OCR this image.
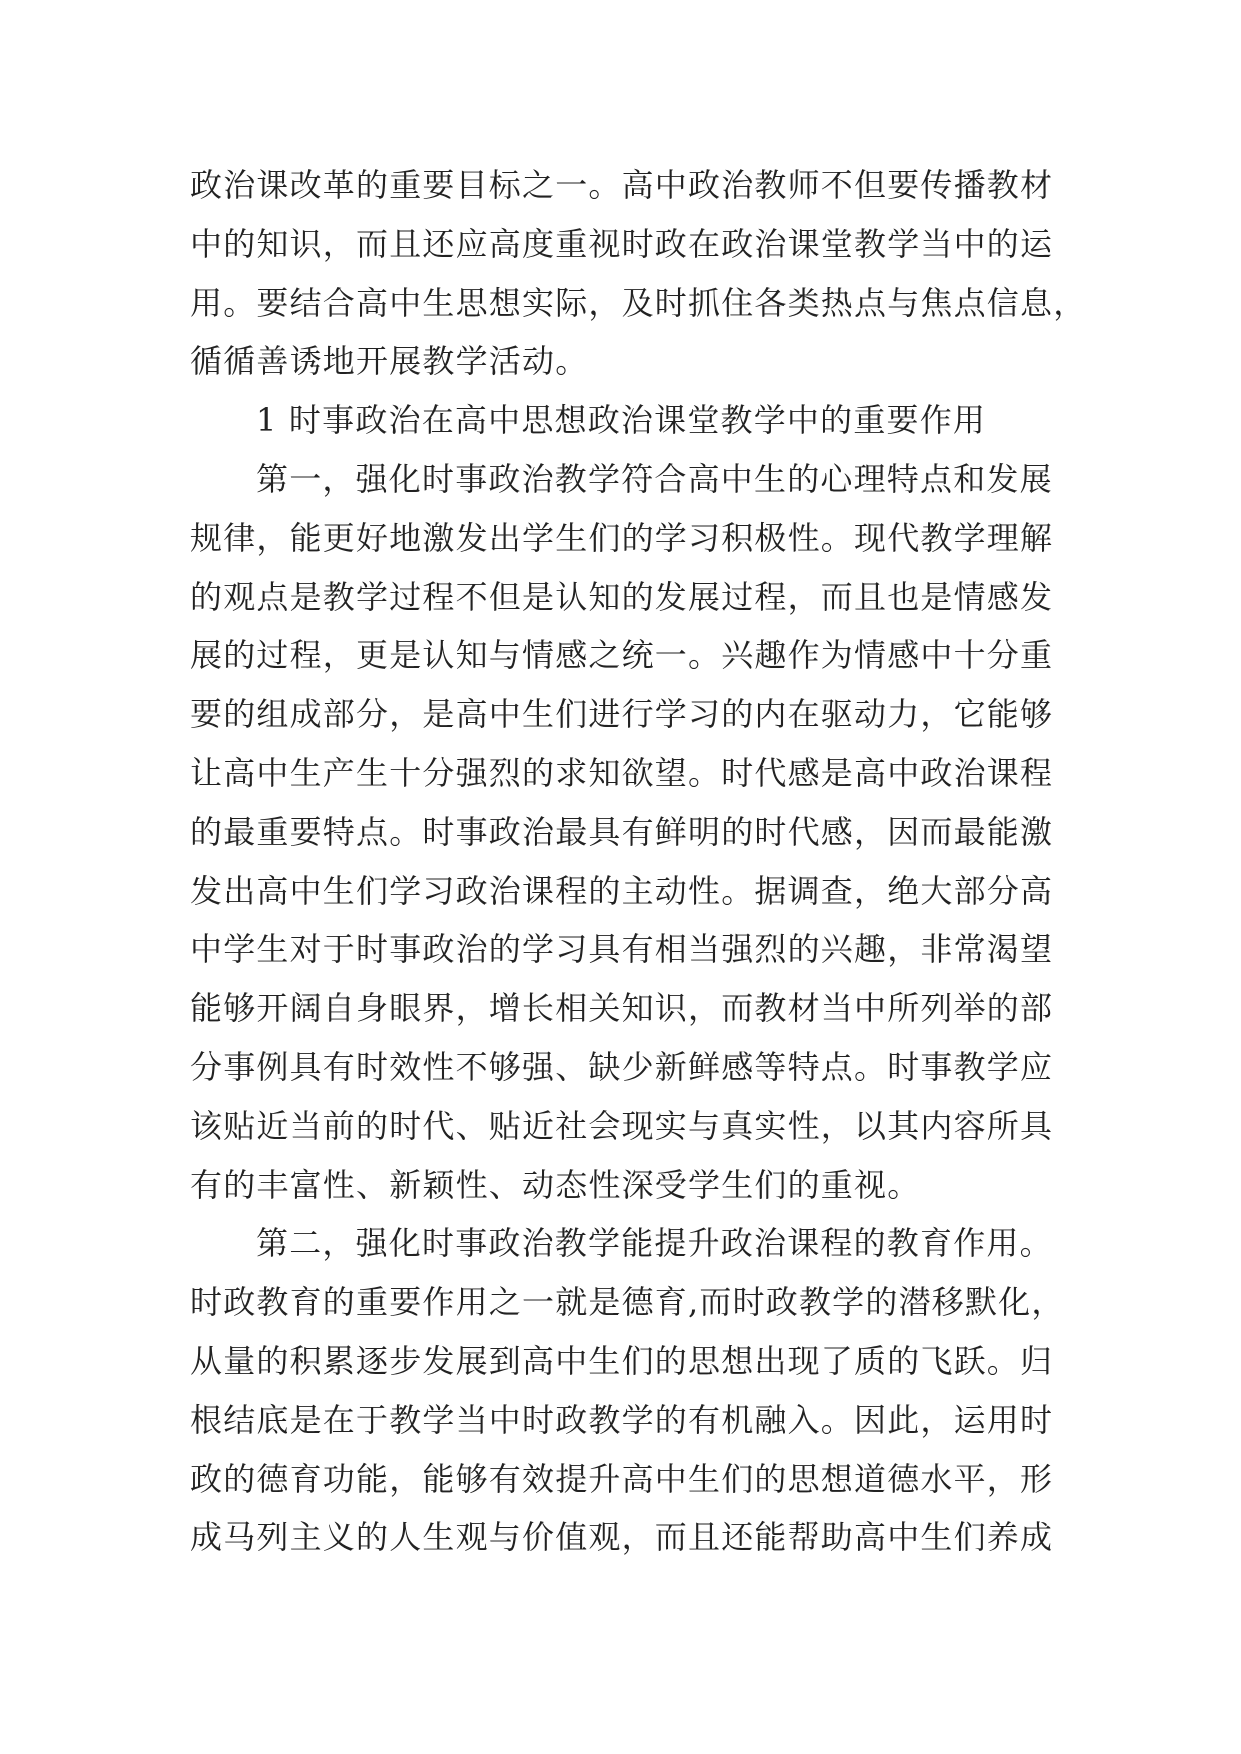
政治课改革的重要目标之一。高中政治教师不但要传播教材
中的知识，而且还应高度重视时政在政治课堂教学当中的运
用。要结合高中生思想实际，及时抓住各类热点与焦点信息，
循循善诱地开展教学活动。
1 时事政治在高中思想政治课堂教学中的重要作用
第一，强化时事政治教学符合高中生的心理特点和发展
规律，能更好地激发出学生们的学习积极性。现代教学理解
的观点是教学过程不但是认知的发展过程，而且也是情感发
展的过程，更是认知与情感之统一。兴趣作为情感中十分重
要的组成部分，是高中生们进行学习的内在驱动力，它能够
让高中生产生十分强烈的求知欲望。时代感是高中政治课程
的最重要特点。时事政治最具有鲜明的时代感，因而最能激
发出高中生们学习政治课程的主动性。据调查，绝大部分高
中学生对于时事政治的学习具有相当强烈的兴趣，非常渴望
能够开阔自身眼界，增长相关知识，而教材当中所列举的部
分事例具有时效性不够强、缺少新鲜感等特点。时事教学应
该贴近当前的时代、贴近社会现实与真实性，以其内容所具
有的丰富性、新颖性、动态性深受学生们的重视。
第二，强化时事政治教学能提升政治课程的教育作用。
时政教育的重要作用之一就是德育,而时政教学的潜移默化，
从量的积累逐步发展到高中生们的思想出现了质的飞跃。归
根结底是在于教学当中时政教学的有机融入。因此，运用时
政的德育功能，能够有效提升高中生们的思想道德水平，形
成马列主义的人生观与价值观，而且还能帮助高中生们养成
